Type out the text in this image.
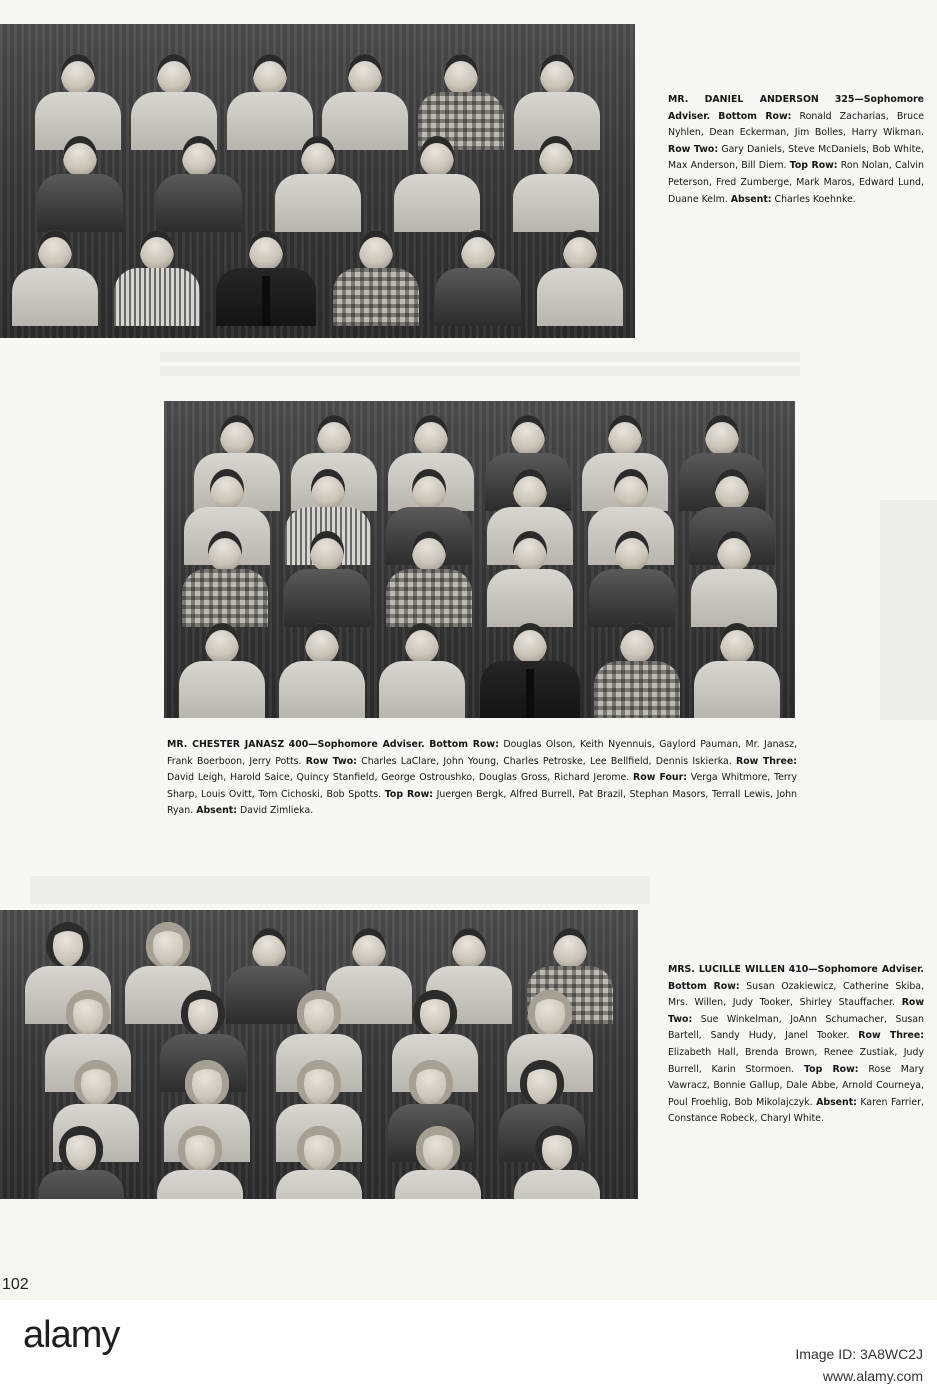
MR. DANIEL ANDERSON 325—Sophomore Adviser. Bottom Row: Ronald Zacharias, Bruce Nyhlen, Dean Eckerman, Jim Bolles, Harry Wikman. Row Two: Gary Daniels, Steve McDaniels, Bob White, Max Anderson, Bill Diem. Top Row: Ron Nolan, Calvin Peterson, Fred Zumberge, Mark Maros, Edward Lund, Duane Kelm. Absent: Charles Koehnke.
MR. CHESTER JANASZ 400—Sophomore Adviser. Bottom Row: Douglas Olson, Keith Nyennuis, Gaylord Pauman, Mr. Janasz, Frank Boerboon, Jerry Potts. Row Two: Charles LaClare, John Young, Charles Petroske, Lee Bellfield, Dennis Iskierka. Row Three: David Leigh, Harold Saice, Quincy Stanfield, George Ostroushko, Douglas Gross, Richard Jerome. Row Four: Verga Whitmore, Terry Sharp, Louis Ovitt, Tom Cichoski, Bob Spotts. Top Row: Juergen Bergk, Alfred Burrell, Pat Brazil, Stephan Masors, Terrall Lewis, John Ryan. Absent: David Zimlieka.
MRS. LUCILLE WILLEN 410—Sophomore Adviser. Bottom Row: Susan Ozakiewicz, Catherine Skiba, Mrs. Willen, Judy Tooker, Shirley Stauffacher. Row Two: Sue Winkelman, JoAnn Schumacher, Susan Bartell, Sandy Hudy, Janel Tooker. Row Three: Elizabeth Hall, Brenda Brown, Renee Zustiak, Judy Burrell, Karin Stormoen. Top Row: Rose Mary Vawracz, Bonnie Gallup, Dale Abbe, Arnold Courneya, Poul Froehlig, Bob Mikolajczyk. Absent: Karen Farrier, Constance Robeck, Charyl White.
102
alamy	Image ID: 3A8WC2J
www.alamy.com
